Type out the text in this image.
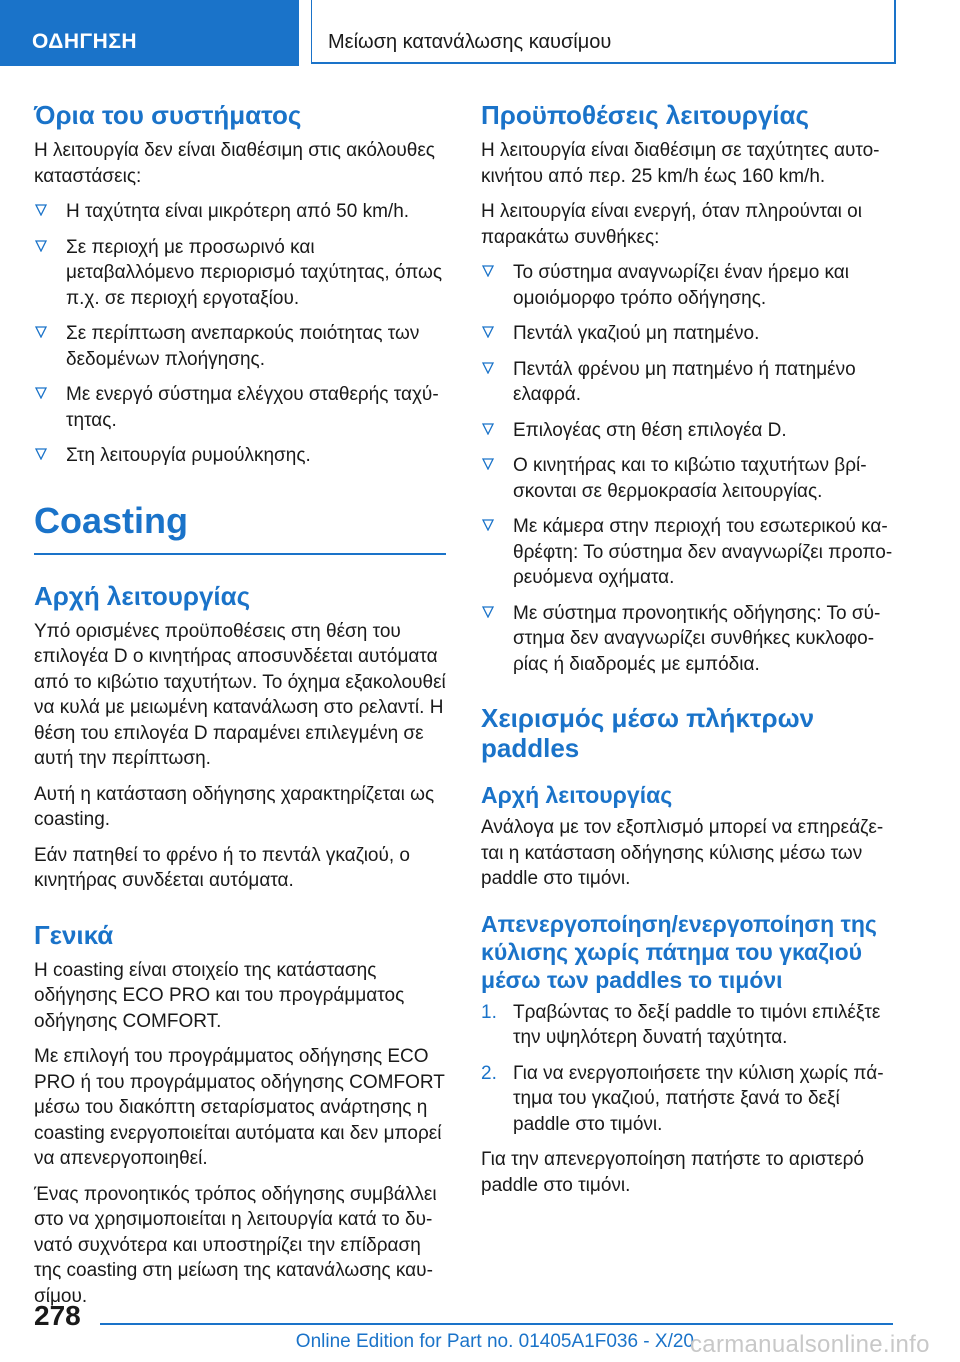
ΟΔΗΓΗΣΗ	Μείωση κατανάλωσης καυσίμου
Όρια του συστήματος

Η λειτουργία δεν είναι διαθέσιμη στις ακόλουθες καταστάσεις:

Η ταχύτητα είναι μικρότερη από 50 km/h.
Σε περιοχή με προσωρινό και μεταβαλλόμενο περιορισμό ταχύτητας, όπως π.χ. σε περιοχή εργοταξίου.
Σε περίπτωση ανεπαρκούς ποιότητας των δεδομένων πλοήγησης.
Με ενεργό σύστημα ελέγχου σταθερής ταχύτητας.
Στη λειτουργία ρυμούλκησης.
Coasting
Αρχή λειτουργίας

Υπό ορισμένες προϋποθέσεις στη θέση του επιλογέα D ο κινητήρας αποσυνδέεται αυτόματα από το κιβώτιο ταχυτήτων. Το όχημα εξακολουθεί να κυλά με μειωμένη κατανάλωση στο ρελαντί. Η θέση του επιλογέα D παραμένει επιλεγμένη σε αυτή την περίπτωση.

Αυτή η κατάσταση οδήγησης χαρακτηρίζεται ως coasting.

Εάν πατηθεί το φρένο ή το πεντάλ γκαζιού, ο κινητήρας συνδέεται αυτόματα.

Γενικά

Η coasting είναι στοιχείο της κατάστασης οδήγησης ECO PRO και του προγράμματος οδήγησης COMFORT.

Με επιλογή του προγράμματος οδήγησης ECO PRO ή του προγράμματος οδήγησης COMFORT μέσω του διακόπτη σεταρίσματος ανάρτησης η coasting ενεργοποιείται αυτόματα και δεν μπορεί να απενεργοποιηθεί.

Ένας προνοητικός τρόπος οδήγησης συμβάλλει στο να χρησιμοποιείται η λειτουργία κατά το δυνατό συχνότερα και υποστηρίζει την επίδραση της coasting στη μείωση της κατανάλωσης καυσίμου.

Προϋποθέσεις λειτουργίας

Η λειτουργία είναι διαθέσιμη σε ταχύτητες αυτοκινήτου από περ. 25 km/h έως 160 km/h.

Η λειτουργία είναι ενεργή, όταν πληρούνται οι παρακάτω συνθήκες:

Το σύστημα αναγνωρίζει έναν ήρεμο και ομοιόμορφο τρόπο οδήγησης.
Πεντάλ γκαζιού μη πατημένο.
Πεντάλ φρένου μη πατημένο ή πατημένο ελαφρά.
Επιλογέας στη θέση επιλογέα D.
Ο κινητήρας και το κιβώτιο ταχυτήτων βρίσκονται σε θερμοκρασία λειτουργίας.
Με κάμερα στην περιοχή του εσωτερικού καθρέφτη: Το σύστημα δεν αναγνωρίζει προπορευόμενα οχήματα.
Με σύστημα προνοητικής οδήγησης: Το σύστημα δεν αναγνωρίζει συνθήκες κυκλοφορίας ή διαδρομές με εμπόδια.
Χειρισμός μέσω πλήκτρων paddles
Αρχή λειτουργίας

Ανάλογα με τον εξοπλισμό μπορεί να επηρεάζεται η κατάσταση οδήγησης κύλισης μέσω των paddle στο τιμόνι.

Απενεργοποίηση/ενεργοποίηση της κύλισης χωρίς πάτημα του γκαζιού μέσω των paddles το τιμόνι
1. Τραβώντας το δεξί paddle το τιμόνι επιλέξτε την υψηλότερη δυνατή ταχύτητα.
2. Για να ενεργοποιήσετε την κύλιση χωρίς πάτημα του γκαζιού, πατήστε ξανά το δεξί paddle στο τιμόνι.

Για την απενεργοποίηση πατήστε το αριστερό paddle στο τιμόνι.

278
Online Edition for Part no. 01405A1F036 - X/20
carmanualsonline.info
